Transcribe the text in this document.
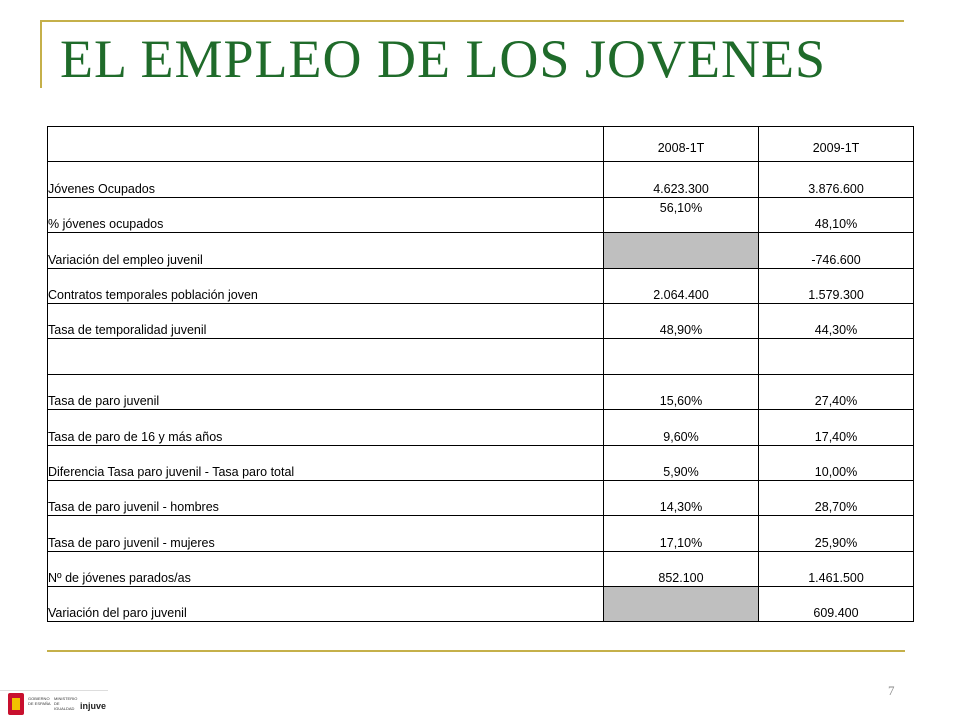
EL EMPLEO DE LOS JOVENES
	2008-1T	2009-1T
Jóvenes Ocupados	4.623.300	3.876.600
% jóvenes ocupados	56,10%	48,10%
Variación del empleo juvenil		-746.600
Contratos temporales población joven	2.064.400	1.579.300
Tasa de temporalidad juvenil	48,90%	44,30%

Tasa de paro juvenil	15,60%	27,40%
Tasa de paro de 16 y más años	9,60%	17,40%
Diferencia Tasa paro juvenil - Tasa paro total	5,90%	10,00%
Tasa de paro juvenil - hombres	14,30%	28,70%
Tasa de paro juvenil - mujeres	17,10%	25,90%
Nº de jóvenes parados/as	852.100	1.461.500
Variación del paro juvenil		609.400
7
GOBIERNO DE ESPAÑA
MINISTERIO DE IGUALDAD injuve
